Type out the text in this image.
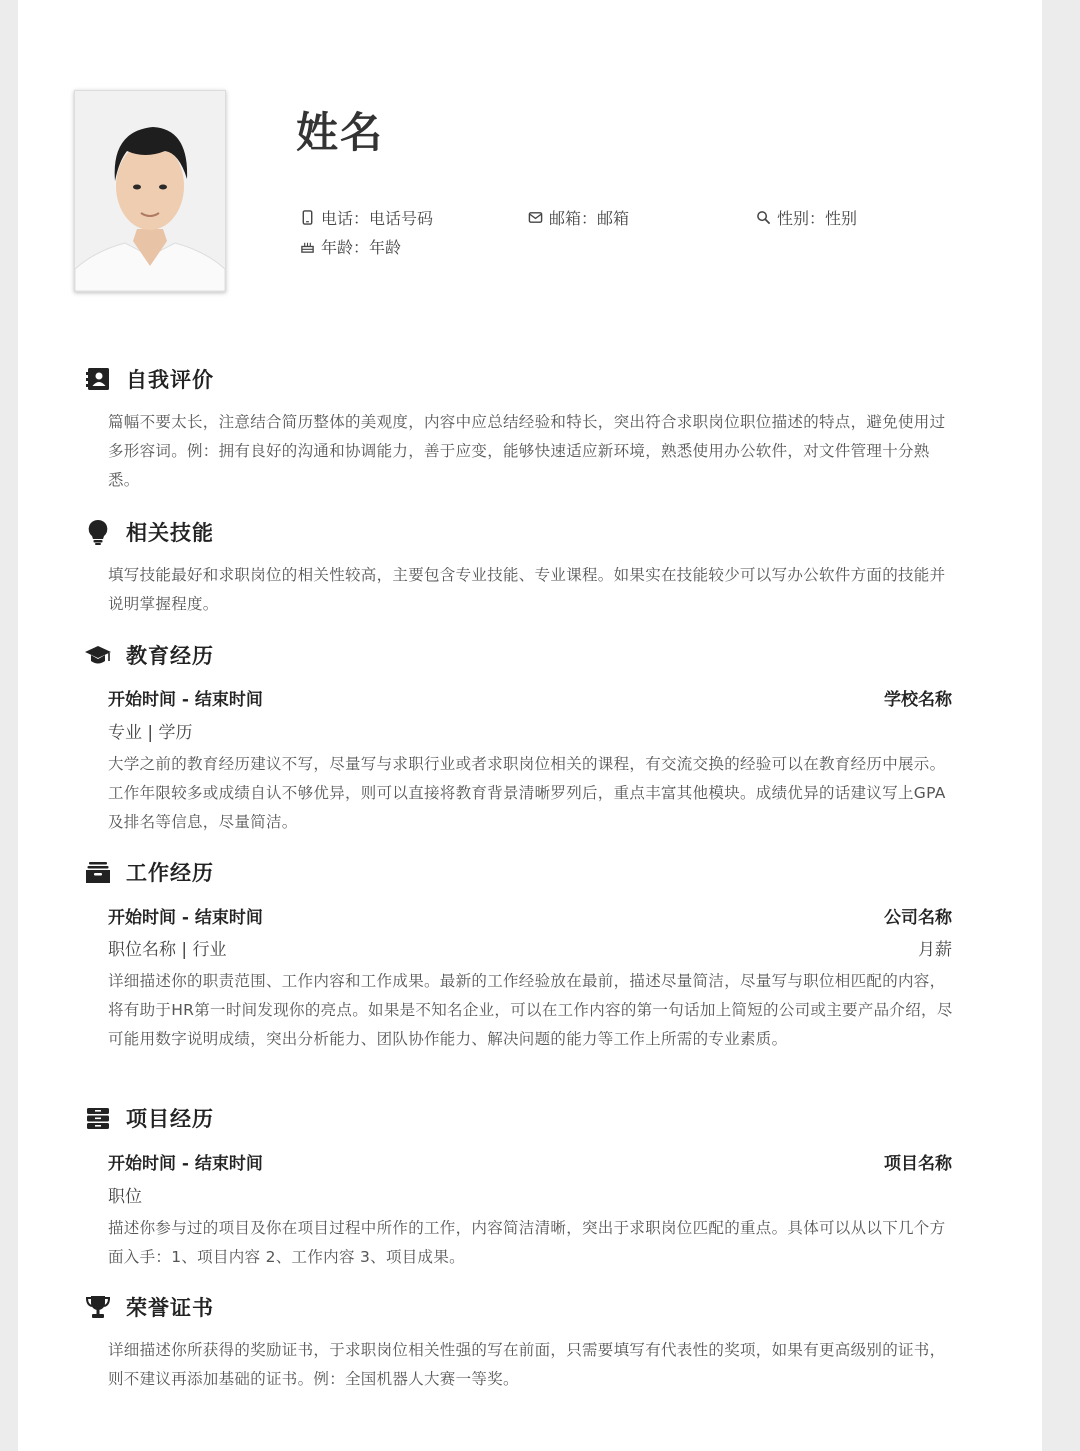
姓名
电话：电话号码	邮箱：邮箱	性别：性别
年龄：年龄
自我评价

篇幅不要太长，注意结合简历整体的美观度，内容中应总结经验和特长，突出符合求职岗位职位描述的特点，避免使用过多形容词。例：拥有良好的沟通和协调能力，善于应变，能够快速适应新环境，熟悉使用办公软件，对文件管理十分熟悉。

相关技能

填写技能最好和求职岗位的相关性较高，主要包含专业技能、专业课程。如果实在技能较少可以写办公软件方面的技能并说明掌握程度。

教育经历
开始时间 - 结束时间	学校名称
专业 | 学历

大学之前的教育经历建议不写，尽量写与求职行业或者求职岗位相关的课程，有交流交换的经验可以在教育经历中展示。工作年限较多或成绩自认不够优异，则可以直接将教育背景清晰罗列后，重点丰富其他模块。成绩优异的话建议写上GPA及排名等信息，尽量简洁。

工作经历
开始时间 - 结束时间	公司名称
职位名称 | 行业	月薪

详细描述你的职责范围、工作内容和工作成果。最新的工作经验放在最前，描述尽量简洁，尽量写与职位相匹配的内容，将有助于HR第一时间发现你的亮点。如果是不知名企业，可以在工作内容的第一句话加上简短的公司或主要产品介绍，尽可能用数字说明成绩，突出分析能力、团队协作能力、解决问题的能力等工作上所需的专业素质。

项目经历
开始时间 - 结束时间	项目名称
职位

描述你参与过的项目及你在项目过程中所作的工作，内容简洁清晰，突出于求职岗位匹配的重点。具体可以从以下几个方面入手：1、项目内容 2、工作内容 3、项目成果。

荣誉证书

详细描述你所获得的奖励证书，于求职岗位相关性强的写在前面，只需要填写有代表性的奖项，如果有更高级别的证书，则不建议再添加基础的证书。例：全国机器人大赛一等奖。
